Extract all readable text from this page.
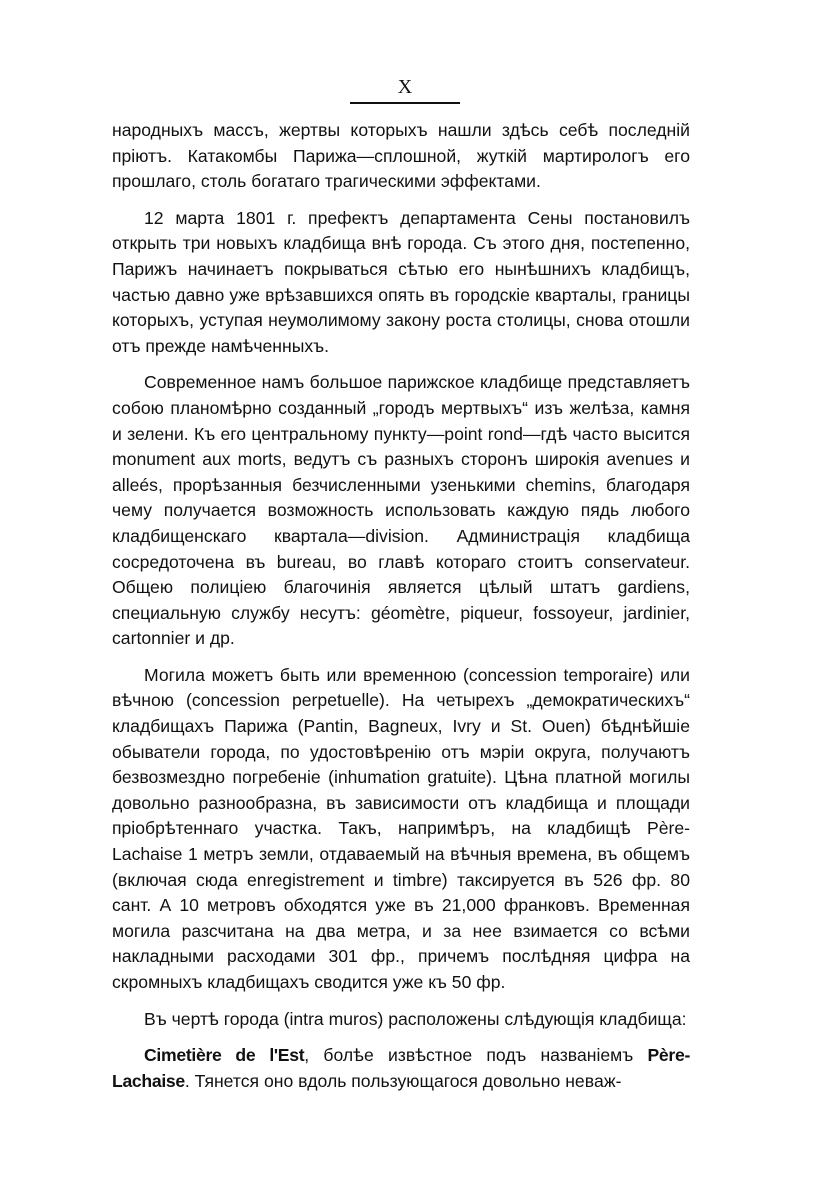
X

народныхъ массъ, жертвы которыхъ нашли здѣсь себѣ последнiй прiютъ. Катакомбы Парижа—сплошной, жуткiй мартирологъ его прошлаго, столь богатаго трагическими эффектами.

12 марта 1801 г. префектъ департамента Сены постановилъ открыть три новыхъ кладбища внѣ города. Съ этого дня, постепенно, Парижъ начинаетъ покрываться сѣтью его нынѣшнихъ кладбищъ, частью давно уже врѣзавшихся опять въ городскiе кварталы, границы которыхъ, уступая неумолимому закону роста столицы, снова отошли отъ прежде намѣченныхъ.

Современное намъ большое парижское кладбище представляетъ собою планомѣрно созданный „городъ мертвыхъ“ изъ желѣза, камня и зелени. Къ его центральному пункту—point rond—гдѣ часто высится monument aux morts, ведутъ съ разныхъ сторонъ широкiя avenues и alleés, прорѣзанныя безчисленными узенькими chemins, благодаря чему получается возможность использовать каждую пядь любого кладбищенскаго квартала—division. Администрацiя кладбища сосредоточена въ bureau, во главѣ котораго стоитъ conservateur. Общею полицiею благочинiя является цѣлый штатъ gardiens, специальную службу несутъ: géomètre, piqueur, fossoyeur, jardinier, cartonnier и др.

Могила можетъ быть или временною (concession temporaire) или вѣчною (concession perpetuelle). На четырехъ „демократическихъ“ кладбищахъ Парижа (Pantin, Bagneux, Ivry и St. Ouen) бѣднѣйшiе обыватели города, по удостовѣренiю отъ мэрiи округа, получаютъ безвозмездно погребенiе (inhumation gratuite). Цѣна платной могилы довольно разнообразна, въ зависимости отъ кладбища и площади прiобрѣтеннаго участка. Такъ, напримѣръ, на кладбищѣ Père-Lachaise 1 метръ земли, отдаваемый на вѣчныя времена, въ общемъ (включая сюда enregistrement и timbre) таксируется въ 526 фр. 80 сант. А 10 метровъ обходятся уже въ 21,000 франковъ. Временная могила разсчитана на два метра, и за нее взимается со всѣми накладными расходами 301 фр., причемъ послѣдняя цифра на скромныхъ кладбищахъ сводится уже къ 50 фр.

Въ чертѣ города (intra muros) расположены слѣдующiя кладбища:

Cimetière de l'Est, болѣе извѣстное подъ названiемъ Père-Lachaise. Тянется оно вдоль пользующагося довольно невaж-
